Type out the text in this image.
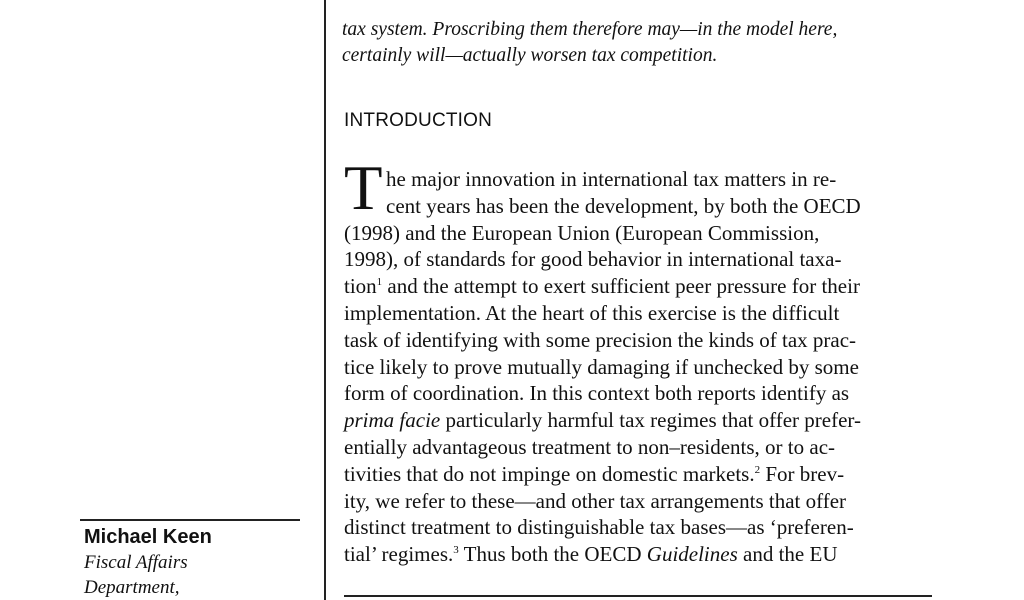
Michael Keen
Fiscal Affairs
Department,
tax system. Proscribing them therefore may—in the model here,
certainly will—actually worsen tax competition.
INTRODUCTION
T he major innovation in international tax matters in re-
cent years has been the development, by both the OECD
(1998) and the European Union (European Commission,
1998), of standards for good behavior in international taxa-
tion$^1$ and the attempt to exert sufficient peer pressure for their
implementation. At the heart of this exercise is the difficult
task of identifying with some precision the kinds of tax prac-
tice likely to prove mutually damaging if unchecked by some
form of coordination. In this context both reports identify as
prima facie particularly harmful tax regimes that offer prefer-
entially advantageous treatment to non–residents, or to ac-
tivities that do not impinge on domestic markets.$^2$ For brev-
ity, we refer to these—and other tax arrangements that offer
distinct treatment to distinguishable tax bases—as ‘preferen-
tial’ regimes.$^3$ Thus both the OECD Guidelines and the EU
